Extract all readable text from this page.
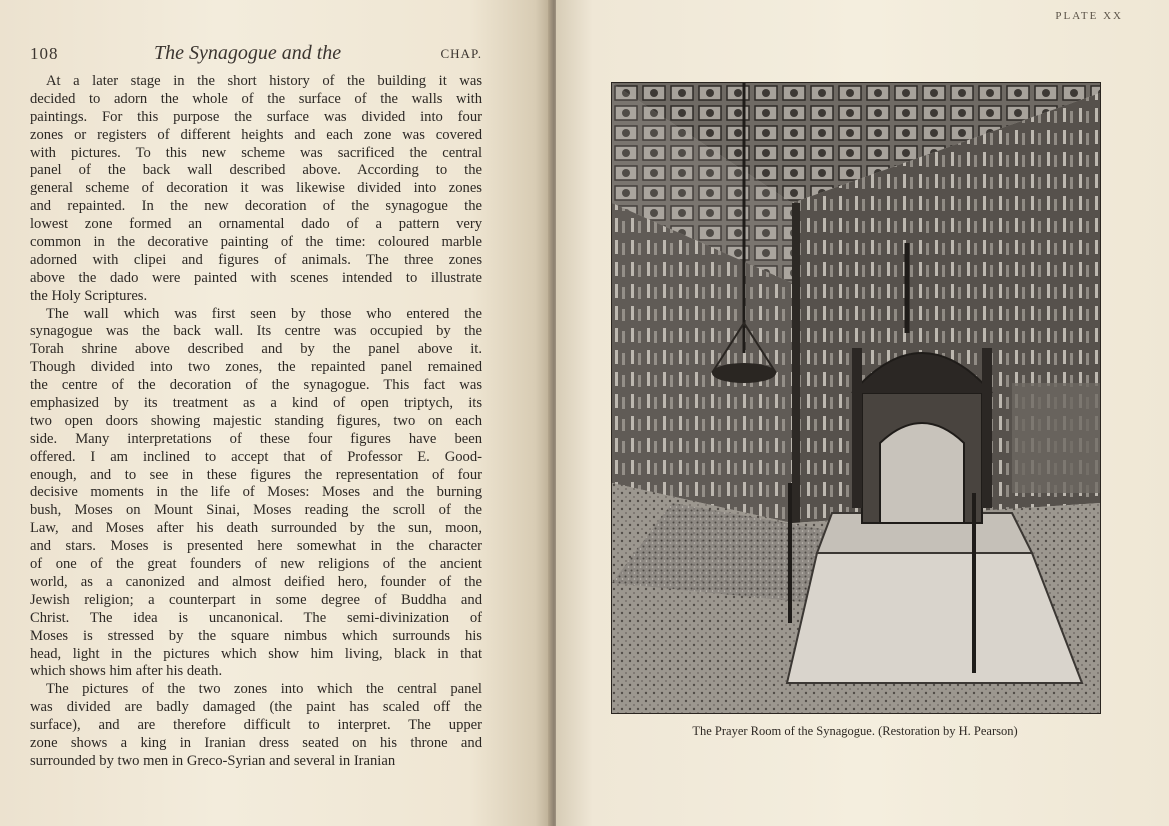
108	The Synagogue and the	CHAP.
At a later stage in the short history of the building it was
decided to adorn the whole of the surface of the walls with
paintings. For this purpose the surface was divided into four
zones or registers of different heights and each zone was covered
with pictures. To this new scheme was sacrificed the central
panel of the back wall described above. According to the
general scheme of decoration it was likewise divided into zones
and repainted. In the new decoration of the synagogue the
lowest zone formed an ornamental dado of a pattern very
common in the decorative painting of the time: coloured marble
adorned with clipei and figures of animals. The three zones
above the dado were painted with scenes intended to illustrate
the Holy Scriptures.
The wall which was first seen by those who entered the
synagogue was the back wall. Its centre was occupied by the
Torah shrine above described and by the panel above it.
Though divided into two zones, the repainted panel remained
the centre of the decoration of the synagogue. This fact was
emphasized by its treatment as a kind of open triptych, its
two open doors showing majestic standing figures, two on each
side. Many interpretations of these four figures have been
offered. I am inclined to accept that of Professor E. Good-
enough, and to see in these figures the representation of four
decisive moments in the life of Moses: Moses and the burning
bush, Moses on Mount Sinai, Moses reading the scroll of the
Law, and Moses after his death surrounded by the sun, moon,
and stars. Moses is presented here somewhat in the character
of one of the great founders of new religions of the ancient
world, as a canonized and almost deified hero, founder of the
Jewish religion; a counterpart in some degree of Buddha and
Christ. The idea is uncanonical. The semi-divinization of
Moses is stressed by the square nimbus which surrounds his
head, light in the pictures which show him living, black in that
which shows him after his death.
The pictures of the two zones into which the central panel
was divided are badly damaged (the paint has scaled off the
surface), and are therefore difficult to interpret. The upper
zone shows a king in Iranian dress seated on his throne and
surrounded by two men in Greco-Syrian and several in Iranian
PLATE XX
The Prayer Room of the Synagogue. (Restoration by H. Pearson)
